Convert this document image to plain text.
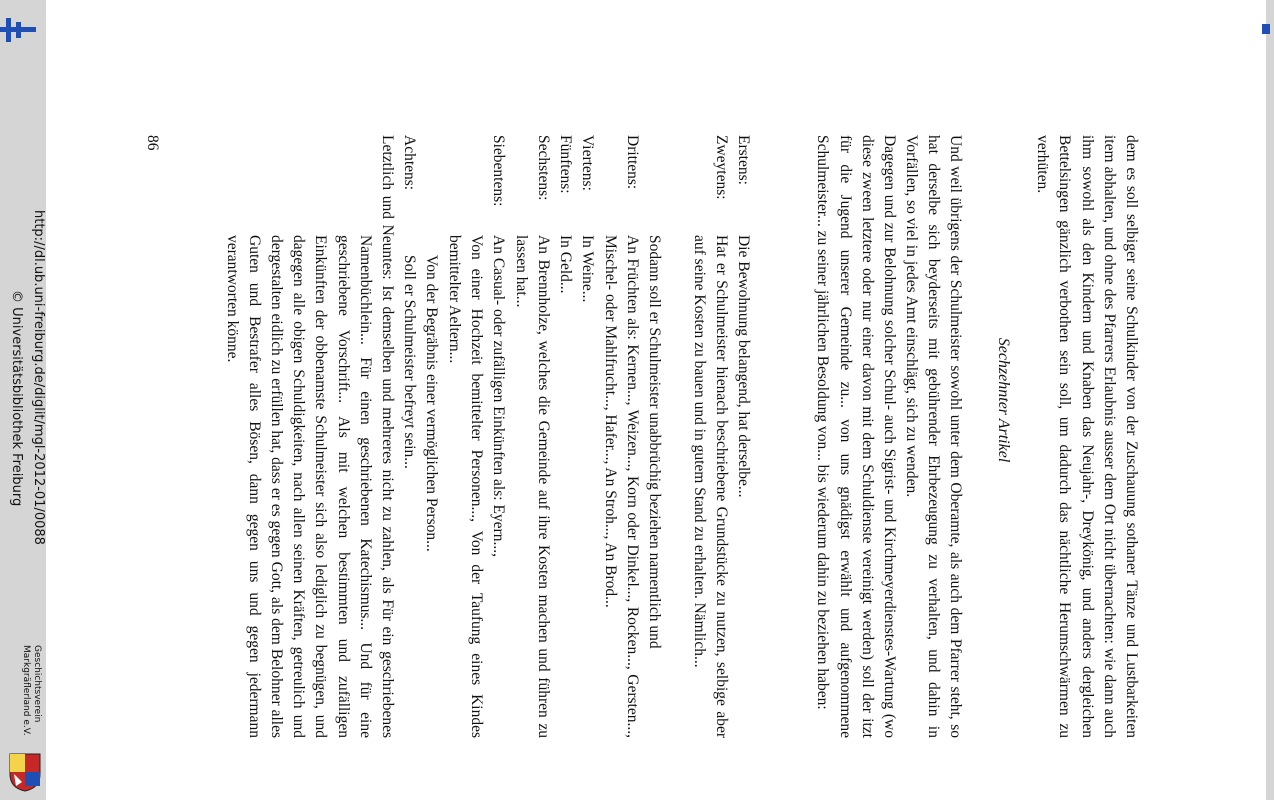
dem es soll selbiger seine Schulkinder von der Zuschauung sothaner Tänze und Lustbarkeiten item abhalten, und ohne des Pfarrers Erlaubnis ausser dem Ort nicht übernachten: wie dann auch ihm sowohl als den Kindern und Knaben das Neujahr-, Dreykönig, und anders dergleichen Bettelsingen gänzlich verbothen sein soll, um dadurch das nächtliche Herumschwärmen zu verhüten.

Sechzehnter Artikel

Und weil übrigens der Schulmeister sowohl unter dem Oberamte, als auch dem Pfarrer steht, so hat derselbe sich beyderseits mit gebührender Ehrbezeugung zu verhalten, und dahin in Vorfällen, so viel in jedes Amt einschlägt, sich zu wenden.

Dagegen und zur Belohnung solcher Schul- auch Sigrist- und Kirchmeyerdienstes-Wartung (wo diese zween letztere oder nur einer davon mit dem Schuldienste vereinigt werden) soll der itzt für die Jugend unserer Gemeinde zu... von uns gnädigst erwählt und aufgenommene Schulmeister... zu seiner jährlichen Besoldung von... bis wiederum dahin zu beziehen haben:

Erstens:Die Bewohnung belangend, hat derselbe...
Zweytens:
Hat er Schulmeister hienach beschriebene Grundstücke zu nutzen, selbige aber auf seine Kosten zu bauen und in gutem Stand zu erhalten. Nämlich...
Sodann soll er Schulmeister unabbrüchig beziehen namentlich und
Drittens:
An Früchten als: Kernen..., Weizen..., Korn oder Dinkel..., Rocken..., Gersten..., Mischel- oder Mahlfrucht..., Hafer..., An Stroh..., An Brod...
Viertens:In Weine...
Fünftens:In Geld...
Sechstens:
An Brennholze, welches die Gemeinde auf ihre Kosten machen und führen zu lassen hat...
Siebentens:
An Casual- oder zufälligen Einkünften als: Eyern...,
Von einer Hochzeit bemittelter Personen..., Von der Taufung eines Kindes bemittelter Aeltern...
Von der Begräbnis einer vermöglichen Person...
Achtens:Soll er Schulmeister befreyt sein...

Letztlich und Neuntes: Ist demselben und mehreres nicht zu zahlen, als Für ein geschriebenes Namenbüchlein... Für einen geschriebenen Katechismus... Und für eine geschriebene Vorschrift... Als mit welchen bestimmten und zufälligen Einkünften der obbenamste Schulmeister sich also lediglich zu begnügen, und dagegen alle obigen Schuldigkeiten, nach allen seinen Kräften, getreulich und dergestalten eidlich zu erfüllen hat, dass er es gegen Gott, als dem Belohner alles Guten und Bestrafer alles Bösen, dann gegen uns und gegen jedermann verantworten könne.

86
http://dl.ub.uni-freiburg.de/diglit/mgl-2012-01/0088
© Universitätsbibliothek Freiburg
Geschichtsverein
Markgräflerland e.V.
